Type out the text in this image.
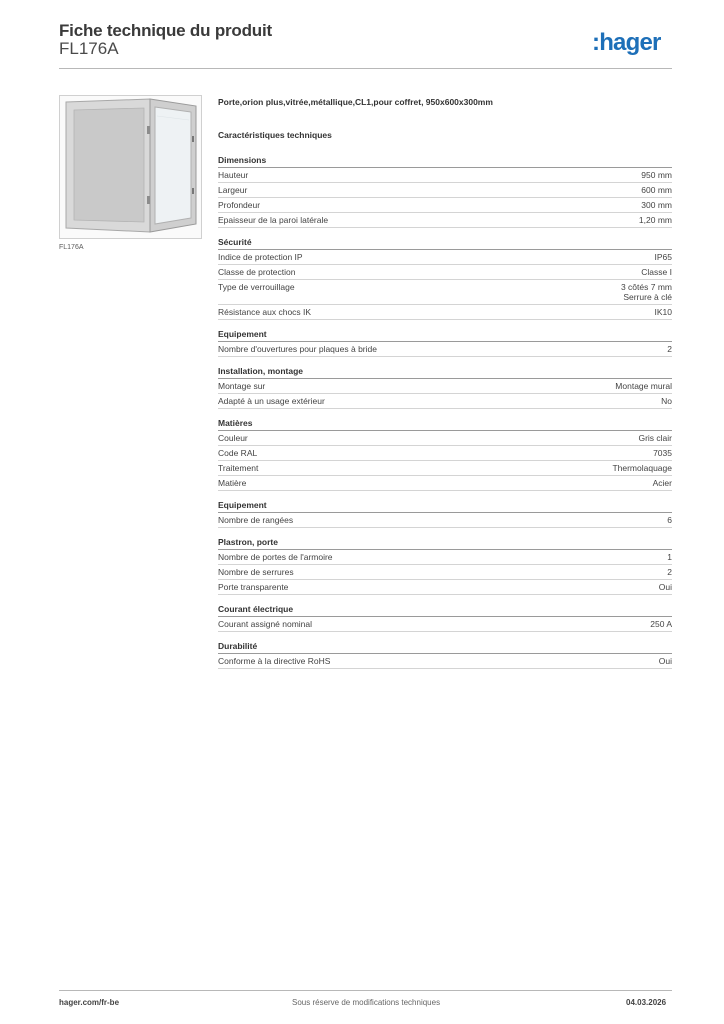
Fiche technique du produit
FL176A	:hager
FL176A
Porte,orion plus,vitrée,métallique,CL1,pour coffret, 950x600x300mm
Caractéristiques techniques
Dimensions
Hauteur	950 mm
Largeur	600 mm
Profondeur	300 mm
Epaisseur de la paroi latérale	1,20 mm
Sécurité
Indice de protection IP	IP65
Classe de protection	Classe I
Type de verrouillage	3 côtés 7 mm
Serrure à clé
Résistance aux chocs IK	IK10
Equipement
Nombre d'ouvertures pour plaques à bride	2
Installation, montage
Montage sur	Montage mural
Adapté à un usage extérieur	No
Matières
Couleur	Gris clair
Code RAL	7035
Traitement	Thermolaquage
Matière	Acier
Equipement
Nombre de rangées	6
Plastron, porte
Nombre de portes de l'armoire	1
Nombre de serrures	2
Porte transparente	Oui
Courant électrique
Courant assigné nominal	250 A
Durabilité
Conforme à la directive RoHS	Oui
hager.com/fr-be	Sous réserve de modifications techniques	04.03.2026
